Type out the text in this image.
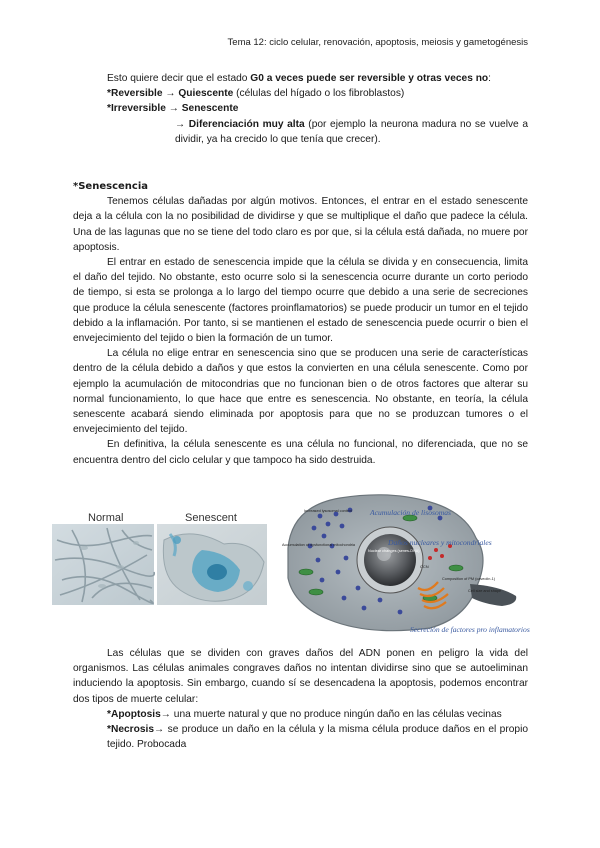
Tema 12: ciclo celular, renovación, apoptosis, meiosis y gametogénesis

Esto quiere decir que el estado G0 a veces puede ser reversible y otras veces no:

*Reversible → Quiescente (células del hígado o los fibroblastos)

*Irreversible → Senescente

→ Diferenciación muy alta (por ejemplo la neurona madura no se vuelve a dividir, ya ha crecido lo que tenía que crecer).

*Senescencia

Tenemos células dañadas por algún motivos. Entonces, el entrar en el estado senescente deja a la célula con la no posibilidad de dividirse y que se multiplique el daño que padece la célula. Una de las lagunas que no se tiene del todo claro es por que, si la célula está dañada, no muere por apoptosis.

El entrar en estado de senescencia impide que la célula se divida y en consecuencia, limita el daño del tejido. No obstante, esto ocurre solo si la senescencia ocurre durante un corto periodo de tiempo, si esta se prolonga a lo largo del tiempo ocurre que debido a una serie de secreciones que produce la célula senescente (factores proinflamatorios) se puede producir un tumor en el tejido debido a la inflamación. Por tanto, si se mantienen el estado de senescencia puede ocurrir o bien el envejecimiento del tejido o bien la formación de un tumor.

La célula no elige entrar en senescencia sino que se producen una serie de características dentro de la célula debido a daños y que estos la convierten en una célula senescente. Como por ejemplo la acumulación de mitocondrias que no funcionan bien o de otros factores que alterar su normal funcionamiento, lo que hace que entre es senescencia. No obstante, en teoría, la célula senescente acabará siendo eliminada por apoptosis para que no se produzcan tumores o el envejecimiento del tejido.

En definitiva, la célula senescente es una célula no funcional, no diferenciada, que no se encuentra dentro del ciclo celular y que tampoco ha sido destruida.

Normal	Senescent	Acumulación de lisosomas
Daños nucleares y mitocondriales
Secreción de factores pro inflamatorios
Increased lysosomal content
Accumulation of dysfunctional mitochondria
Nuclear changes (senes-DNA)
CCN
Composition of PM (caveolin-1)
Cell size and shape

Las células que se dividen con graves daños del ADN ponen en peligro la vida del organismos. Las células animales congraves daños no intentan dividirse sino que se autoeliminan induciendo la apoptosis. Sin embargo, cuando sí se desencadena la apoptosis, podemos encontrar dos tipos de muerte celular:

*Apoptosis→ una muerte natural y que no produce ningún daño en las células vecinas

*Necrosis→ se produce un daño en la célula y la misma célula produce daños en el propio tejido. Probocada
